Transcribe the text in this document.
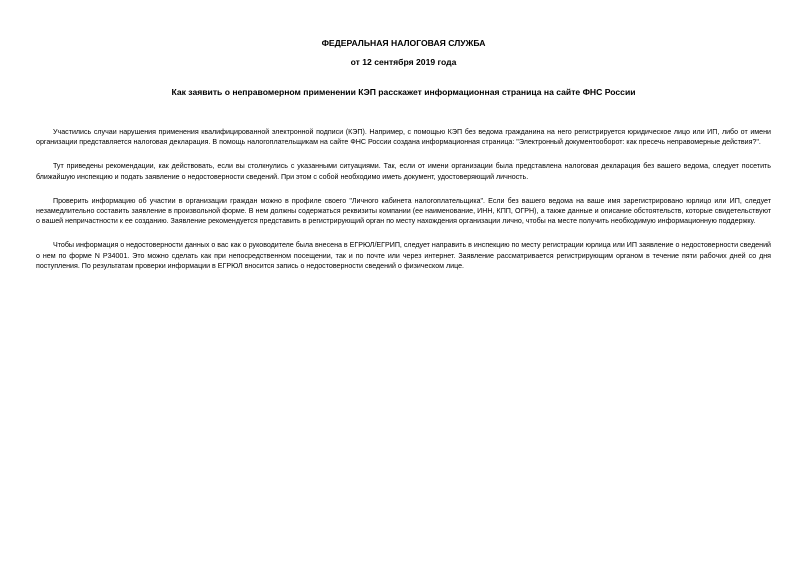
ФЕДЕРАЛЬНАЯ НАЛОГОВАЯ СЛУЖБА
от 12 сентября 2019 года
Как заявить о неправомерном применении КЭП расскажет информационная страница на сайте ФНС России

Участились случаи нарушения применения квалифицированной электронной подписи (КЭП). Например, с помощью КЭП без ведома гражданина на него регистрируется юридическое лицо или ИП, либо от имени организации представляется налоговая декларация. В помощь налогоплательщикам на сайте ФНС России создана информационная страница: "Электронный документооборот: как пресечь неправомерные действия?".

Тут приведены рекомендации, как действовать, если вы столкнулись с указанными ситуациями. Так, если от имени организации была представлена налоговая декларация без вашего ведома, следует посетить ближайшую инспекцию и подать заявление о недостоверности сведений. При этом с собой необходимо иметь документ, удостоверяющий личность.

Проверить информацию об участии в организации граждан можно в профиле своего "Личного кабинета налогоплательщика". Если без вашего ведома на ваше имя зарегистрировано юрлицо или ИП, следует незамедлительно составить заявление в произвольной форме. В нем должны содержаться реквизиты компании (ее наименование, ИНН, КПП, ОГРН), а также данные и описание обстоятельств, которые свидетельствуют о вашей непричастности к ее созданию. Заявление рекомендуется представить в регистрирующий орган по месту нахождения организации лично, чтобы на месте получить необходимую информационную поддержку.

Чтобы информация о недостоверности данных о вас как о руководителе была внесена в ЕГРЮЛ/ЕГРИП, следует направить в инспекцию по месту регистрации юрлица или ИП заявление о недостоверности сведений о нем по форме N Р34001. Это можно сделать как при непосредственном посещении, так и по почте или через интернет. Заявление рассматривается регистрирующим органом в течение пяти рабочих дней со дня поступления. По результатам проверки информации в ЕГРЮЛ вносится запись о недостоверности сведений о физическом лице.
